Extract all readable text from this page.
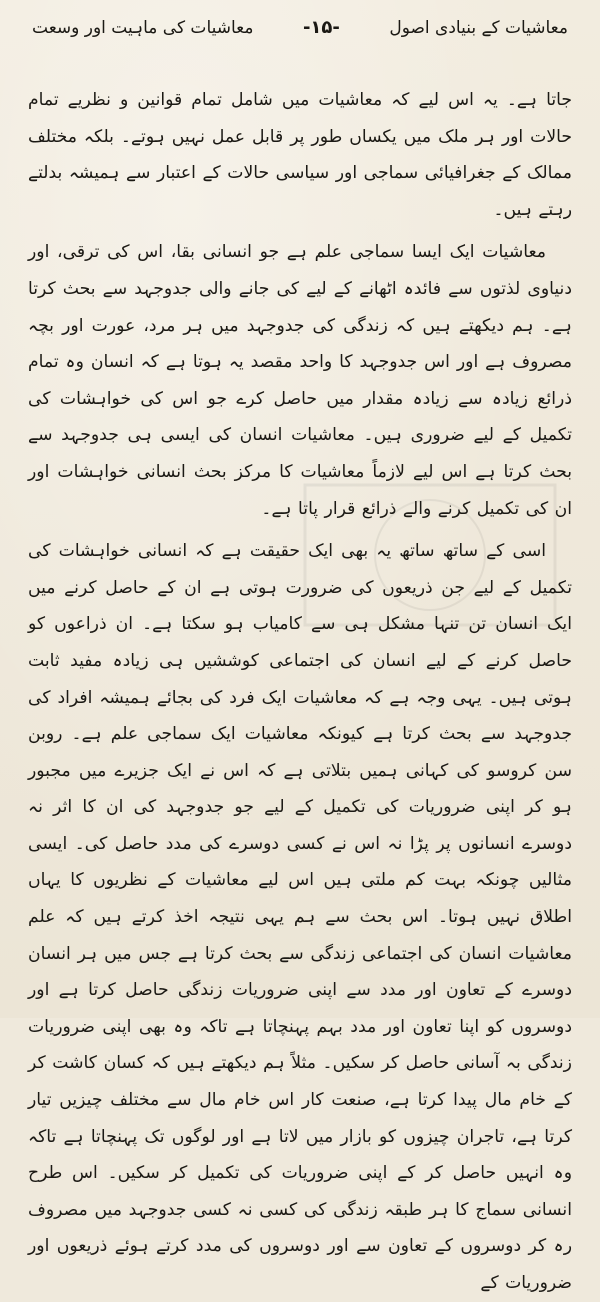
معاشیات کے بنیادی اصول
-۱۵-
معاشیات کی ماہیت اور وسعت

جاتا ہے۔ یہ اس لیے کہ معاشیات میں شامل تمام قوانین و نظریے تمام حالات اور ہر ملک میں یکساں طور پر قابل عمل نہیں ہوتے۔ بلکہ مختلف ممالک کے جغرافیائی سماجی اور سیاسی حالات کے اعتبار سے ہمیشہ بدلتے رہتے ہیں۔

معاشیات ایک ایسا سماجی علم ہے جو انسانی بقا، اس کی ترقی، اور دنیاوی لذتوں سے فائدہ اٹھانے کے لیے کی جانے والی جدوجہد سے بحث کرتا ہے۔ ہم دیکھتے ہیں کہ زندگی کی جدوجہد میں ہر مرد، عورت اور بچہ مصروف ہے اور اس جدوجہد کا واحد مقصد یہ ہوتا ہے کہ انسان وہ تمام ذرائع زیادہ سے زیادہ مقدار میں حاصل کرے جو اس کی خواہشات کی تکمیل کے لیے ضروری ہیں۔ معاشیات انسان کی ایسی ہی جدوجہد سے بحث کرتا ہے اس لیے لازماً معاشیات کا مرکز بحث انسانی خواہشات اور ان کی تکمیل کرنے والے ذرائع قرار پاتا ہے۔

اسی کے ساتھ ساتھ یہ بھی ایک حقیقت ہے کہ انسانی خواہشات کی تکمیل کے لیے جن ذریعوں کی ضرورت ہوتی ہے ان کے حاصل کرنے میں ایک انسان تن تنہا مشکل ہی سے کامیاب ہو سکتا ہے۔ ان ذراعوں کو حاصل کرنے کے لیے انسان کی اجتماعی کوششیں ہی زیادہ مفید ثابت ہوتی ہیں۔ یہی وجہ ہے کہ معاشیات ایک فرد کی بجائے ہمیشہ افراد کی جدوجہد سے بحث کرتا ہے کیونکہ معاشیات ایک سماجی علم ہے۔ روبن سن کروسو کی کہانی ہمیں بتلاتی ہے کہ اس نے ایک جزیرے میں مجبور ہو کر اپنی ضروریات کی تکمیل کے لیے جو جدوجہد کی ان کا اثر نہ دوسرے انسانوں پر پڑا نہ اس نے کسی دوسرے کی مدد حاصل کی۔ ایسی مثالیں چونکہ بہت کم ملتی ہیں اس لیے معاشیات کے نظریوں کا یہاں اطلاق نہیں ہوتا۔ اس بحث سے ہم یہی نتیجہ اخذ کرتے ہیں کہ علم معاشیات انسان کی اجتماعی زندگی سے بحث کرتا ہے جس میں ہر انسان دوسرے کے تعاون اور مدد سے اپنی ضروریات زندگی حاصل کرتا ہے اور دوسروں کو اپنا تعاون اور مدد بہم پہنچاتا ہے تاکہ وہ بھی اپنی ضروریات زندگی بہ آسانی حاصل کر سکیں۔ مثلاً ہم دیکھتے ہیں کہ کسان کاشت کر کے خام مال پیدا کرتا ہے، صنعت کار اس خام مال سے مختلف چیزیں تیار کرتا ہے، تاجران چیزوں کو بازار میں لاتا ہے اور لوگوں تک پہنچاتا ہے تاکہ وہ انہیں حاصل کر کے اپنی ضروریات کی تکمیل کر سکیں۔ اس طرح انسانی سماج کا ہر طبقہ زندگی کی کسی نہ کسی جدوجہد میں مصروف رہ کر دوسروں کے تعاون سے اور دوسروں کی مدد کرتے ہوئے ذریعوں اور ضروریات کے
